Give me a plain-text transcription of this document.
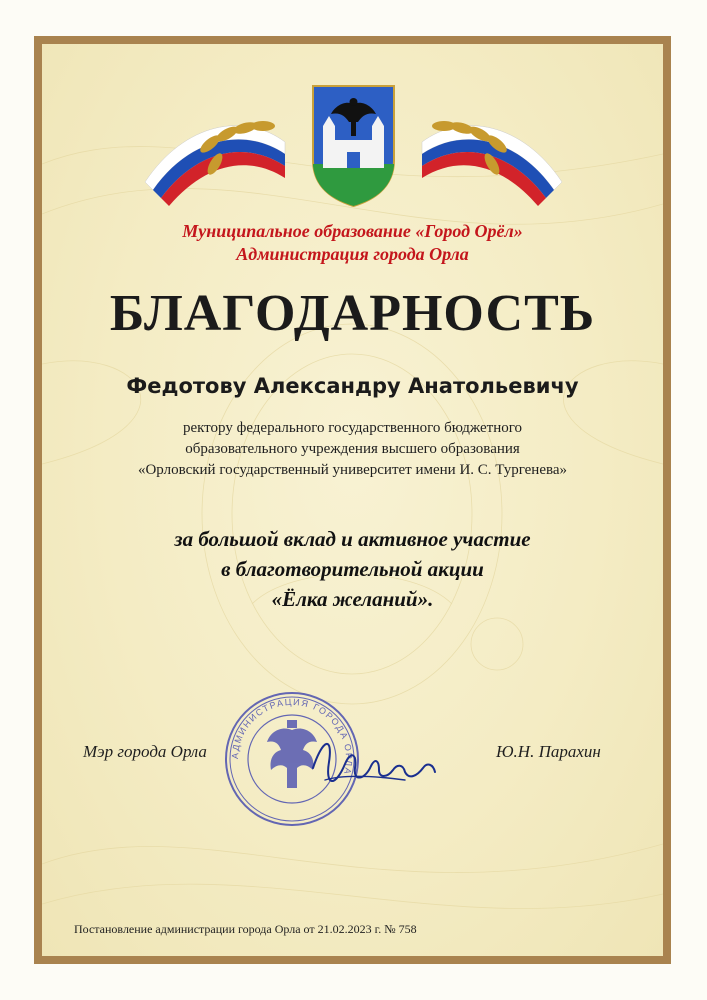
Муниципальное образование «Город Орёл»
Администрация города Орла
БЛАГОДАРНОСТЬ
Федотову Александру Анатольевичу
ректору федерального государственного бюджетного
образовательного учреждения высшего образования
«Орловский государственный университет имени И. С. Тургенева»
за большой вклад и активное участие
в благотворительной акции
«Ёлка желаний».
АДМИНИСТРАЦИЯ ГОРОДА ОРЛА
Мэр города Орла	Ю.Н. Парахин
Постановление администрации города Орла от 21.02.2023 г. № 758
